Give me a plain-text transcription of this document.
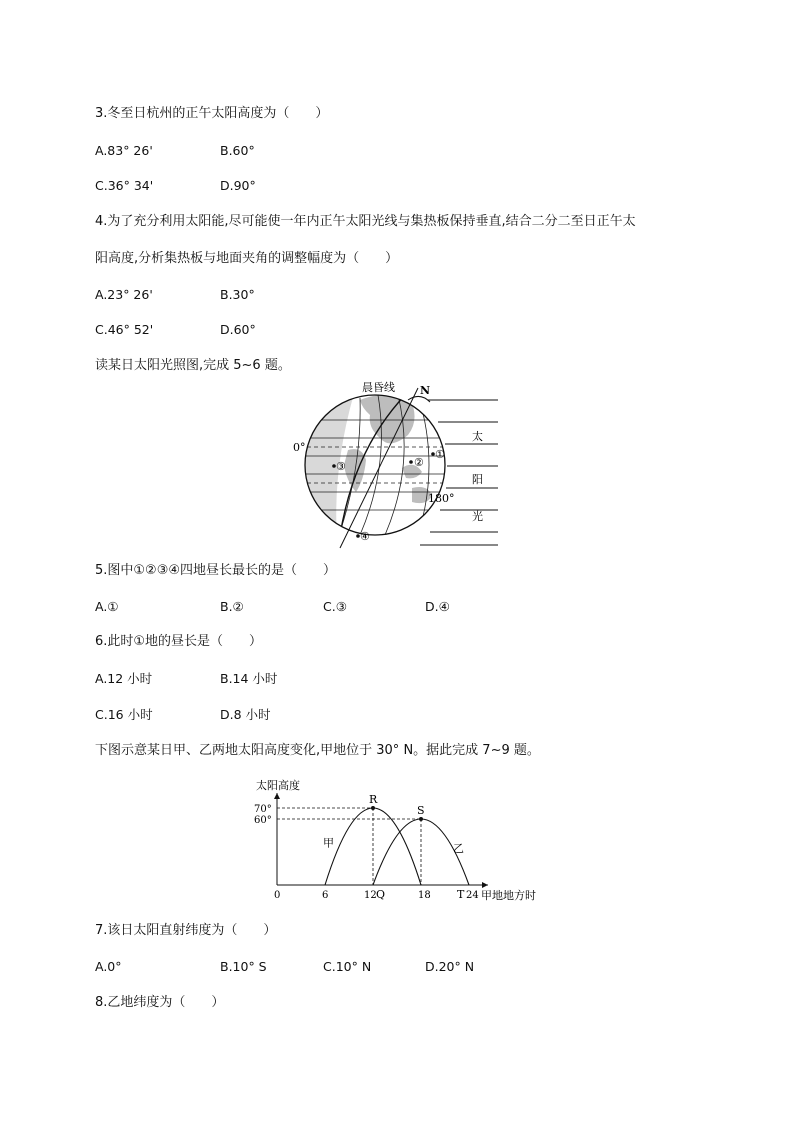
3.冬至日杭州的正午太阳高度为（　　）
A.83° 26'	B.60°
C.36° 34'	D.90°
4.为了充分利用太阳能,尽可能使一年内正午太阳光线与集热板保持垂直,结合二分二至日正午太
阳高度,分析集热板与地面夹角的调整幅度为（　　）
A.23° 26'	B.30°
C.46° 52'	D.60°
读某日太阳光照图,完成 5~6 题。
晨昏线 N
0°
180°
太
阳
光
①
②
③
④
5.图中①②③④四地昼长最长的是（　　）
A.①	B.②	C.③	D.④
6.此时①地的昼长是（　　）
A.12 小时	B.14 小时
C.16 小时	D.8 小时
下图示意某日甲、乙两地太阳高度变化,甲地位于 30° N。据此完成 7~9 题。
太阳高度
甲地地方时
甲	乙
R
S
Q	T
60°
70°
0	6	12	18	24
7.该日太阳直射纬度为（　　）
A.0°	B.10° S	C.10° N	D.20° N
8.乙地纬度为（　　）
